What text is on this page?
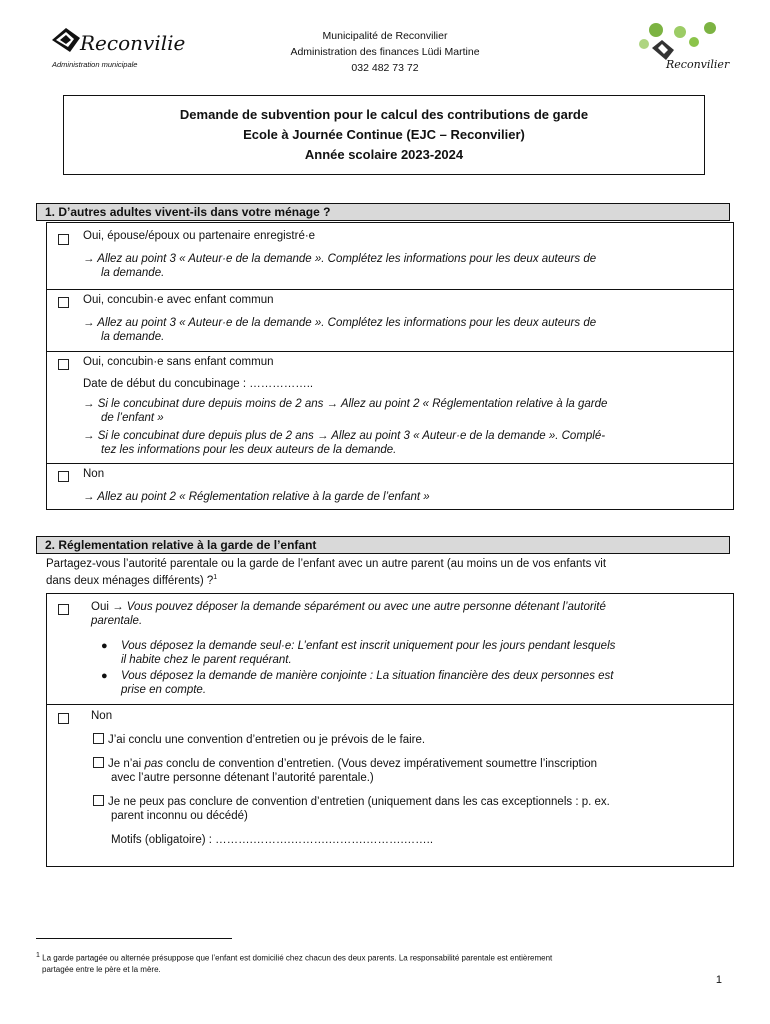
Reconvilier
Administration municipale
Municipalité de Reconvilier
Administration des finances Lüdi Martine
032 482 73 72	Reconvilier
Demande de subvention pour le calcul des contributions de garde
Ecole à Journée Continue (EJC – Reconvilier)
Année scolaire 2023-2024
1. D’autres adultes vivent-ils dans votre ménage ?
Oui, épouse/époux ou partenaire enregistré·e
→ Allez au point 3 « Auteur·e de la demande ». Complétez les informations pour les deux auteurs de
la demande.
Oui, concubin·e avec enfant commun
→ Allez au point 3 « Auteur·e de la demande ». Complétez les informations pour les deux auteurs de
la demande.
Oui, concubin·e sans enfant commun
Date de début du concubinage : ……………..
→ Si le concubinat dure depuis moins de 2 ans → Allez au point 2 « Réglementation relative à la garde
de l’enfant »
→ Si le concubinat dure depuis plus de 2 ans → Allez au point 3 « Auteur·e de la demande ». Complé-
tez les informations pour les deux auteurs de la demande.
Non
→ Allez au point 2 « Réglementation relative à la garde de l’enfant »
2. Réglementation relative à la garde de l’enfant
Partagez-vous l’autorité parentale ou la garde de l’enfant avec un autre parent (au moins un de vos enfants vit
dans deux ménages différents) ?$^1$
Oui → Vous pouvez déposer la demande séparément ou avec une autre personne détenant l’autorité
parentale.
● Vous déposez la demande seul·e: L’enfant est inscrit uniquement pour les jours pendant lesquels
il habite chez le parent requérant.
● Vous déposez la demande de manière conjointe : La situation financière des deux personnes est
prise en compte.
Non
J’ai conclu une convention d’entretien ou je prévois de le faire.
Je n’ai pas conclu de convention d’entretien. (Vous devez impérativement soumettre l’inscription
avec l’autre personne détenant l’autorité parentale.)
Je ne peux pas conclure de convention d’entretien (uniquement dans les cas exceptionnels : p. ex.
parent inconnu ou décédé)
Motifs (obligatoire) : ……….……….……….……….……….……..
1 La garde partagée ou alternée présuppose que l’enfant est domicilié chez chacun des deux parents. La responsabilité parentale est entièrement
partagée entre le père et la mère.
1
